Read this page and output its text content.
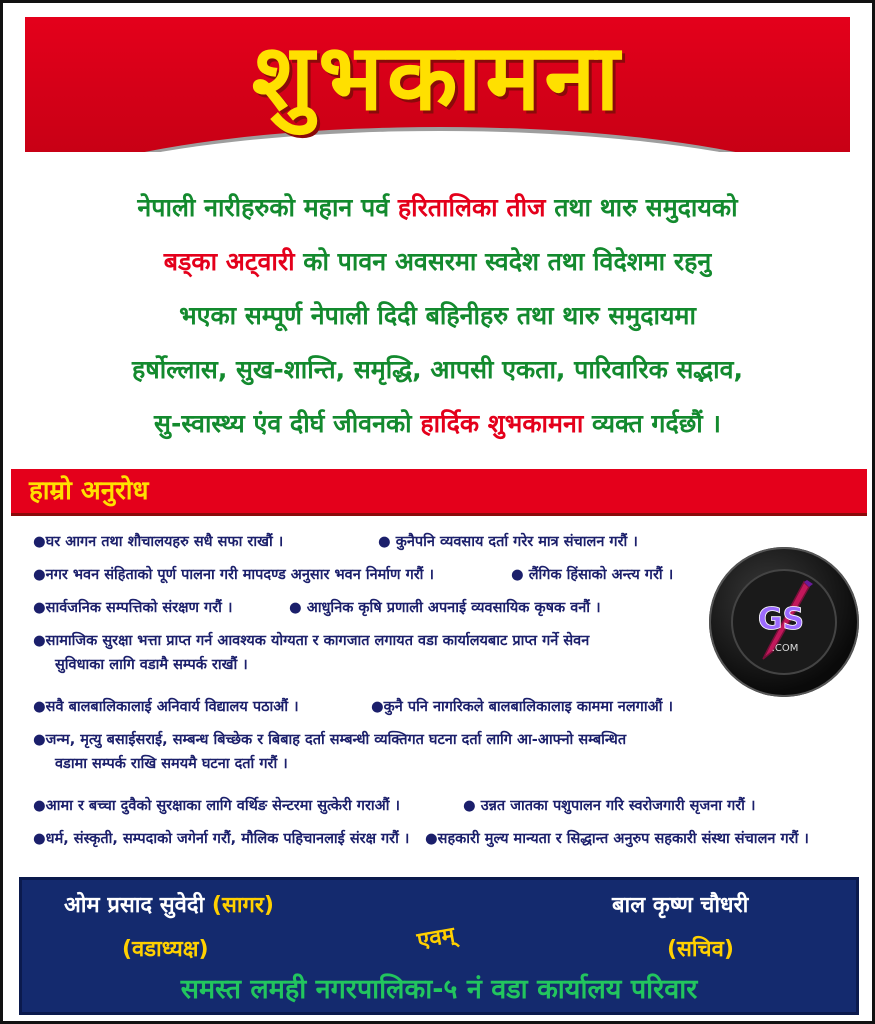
शुभकामना
नेपाली नारीहरुको महान पर्व हरितालिका तीज तथा थारु समुदायको
बड्का अट्वारी को पावन अवसरमा स्वदेश तथा विदेशमा रहनु
भएका सम्पूर्ण नेपाली दिदी बहिनीहरु तथा थारु समुदायमा
हर्षोल्लास, सुख-शान्ति, समृद्धि, आपसी एकता, पारिवारिक सद्भाव,
सु-स्वास्थ्य एंव दीर्घ जीवनको हार्दिक शुभकामना व्यक्त गर्दछौं ।
हाम्रो अनुरोध
●घर आगन तथा शौचालयहरु सधै सफा राखौं ।	● कुनैपनि व्यवसाय दर्ता गरेर मात्र संचालन गरौं ।
●नगर भवन संहिताको पूर्ण पालना गरी मापदण्ड अनुसार भवन निर्माण गरौं ।	● लैंगिक हिंसाको अन्त्य गरौं ।
●सार्वजनिक सम्पत्तिको संरक्षण गरौं ।	● आधुनिक कृषि प्रणाली अपनाई व्यवसायिक कृषक वनौं ।
●सामाजिक सुरक्षा भत्ता प्राप्त गर्न आवश्यक योग्यता र कागजात लगायत वडा कार्यालयबाट प्राप्त गर्ने सेवन
सुविधाका लागि वडामै सम्पर्क राखौं ।
●सवै बालबालिकालाई अनिवार्य विद्यालय पठाऔं ।	●कुनै पनि नागरिकले बालबालिकालाइ काममा नलगाऔं ।
●जन्म, मृत्यु बसाईसराई, सम्बन्ध बिच्छेक र बिबाह दर्ता सम्बन्धी व्यक्तिगत घटना दर्ता लागि आ-आफ्नो सम्बन्धित
वडामा सम्पर्क राखि समयमै घटना दर्ता गरौं ।
●आमा र बच्चा दुवैको सुरक्षाका लागि वर्थिङ सेन्टरमा सुत्केरी गराऔं ।	● उन्नत जातका पशुपालन गरि स्वरोजगारी सृजना गरौं ।
●धर्म, संस्कृती, सम्पदाको जगेर्ना गरौं, मौलिक पहिचानलाई संरक्ष गरौं । ●सहकारी मुल्य मान्यता र सिद्धान्त अनुरुप सहकारी संस्था संचालन गरौं ।
GS
.COM
ओम प्रसाद सुवेदी (सागर)
(वडाध्यक्ष)	एवम्
बाल कृष्ण चौधरी
(सचिव)
समस्त लमही नगरपालिका-५ नं वडा कार्यालय परिवार
